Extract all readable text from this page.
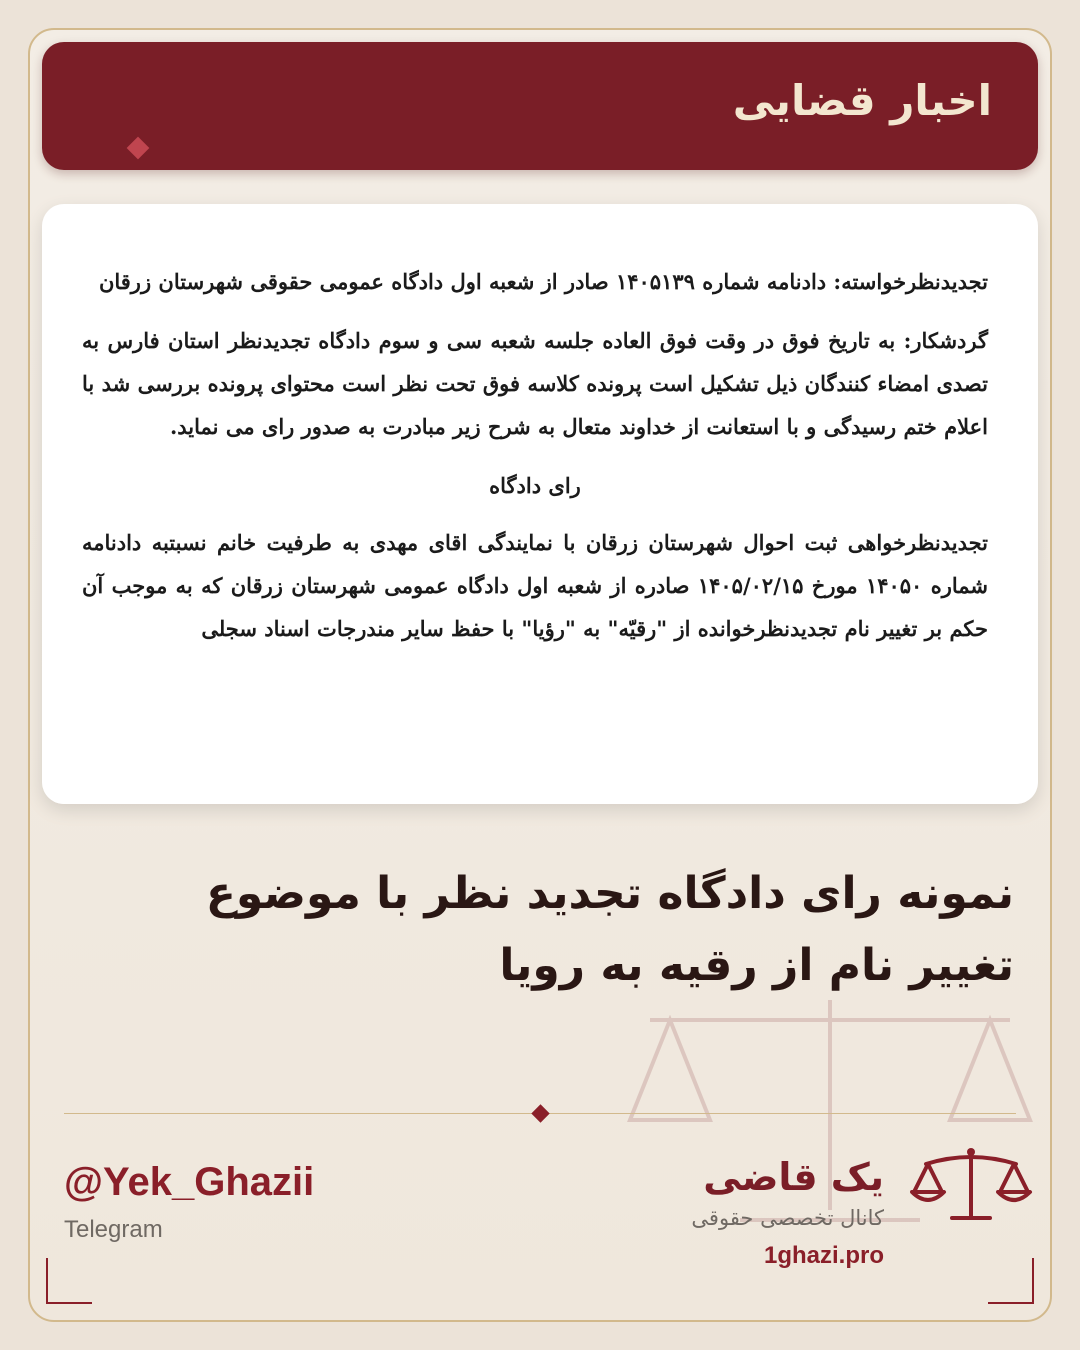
اخبار قضایی
تجدیدنظرخواسته: دادنامه شماره ۱۴۰۵۱۳۹ صادر از شعبه اول دادگاه عمومی حقوقی شهرستان زرقان
گردشکار: به تاریخ فوق در وقت فوق العاده جلسه شعبه سی و سوم دادگاه تجدیدنظر استان فارس به تصدی امضاء کنندگان ذیل تشکیل است پرونده کلاسه فوق تحت نظر است محتوای پرونده بررسی شد با اعلام ختم رسیدگی و با استعانت از خداوند متعال به شرح زیر مبادرت به صدور رای می نماید.
رای دادگاه
تجدیدنظرخواهی ثبت احوال شهرستان زرقان با نمایندگی اقای مهدی به طرفیت خانم نسبتبه دادنامه شماره ۱۴۰۵۰ مورخ ۱۴۰۵/۰۲/۱۵ صادره از شعبه اول دادگاه عمومی شهرستان زرقان که به موجب آن حکم بر تغییر نام تجدیدنظرخوانده از "رقیّه" به "رؤیا" با حفظ سایر مندرجات اسناد سجلی
نمونه رای دادگاه تجدید نظر با موضوع
تغییر نام از رقیه به رویا
@Yek_Ghazii
Telegram
یک قاضی
کانال تخصصی حقوقی
1ghazi.pro
